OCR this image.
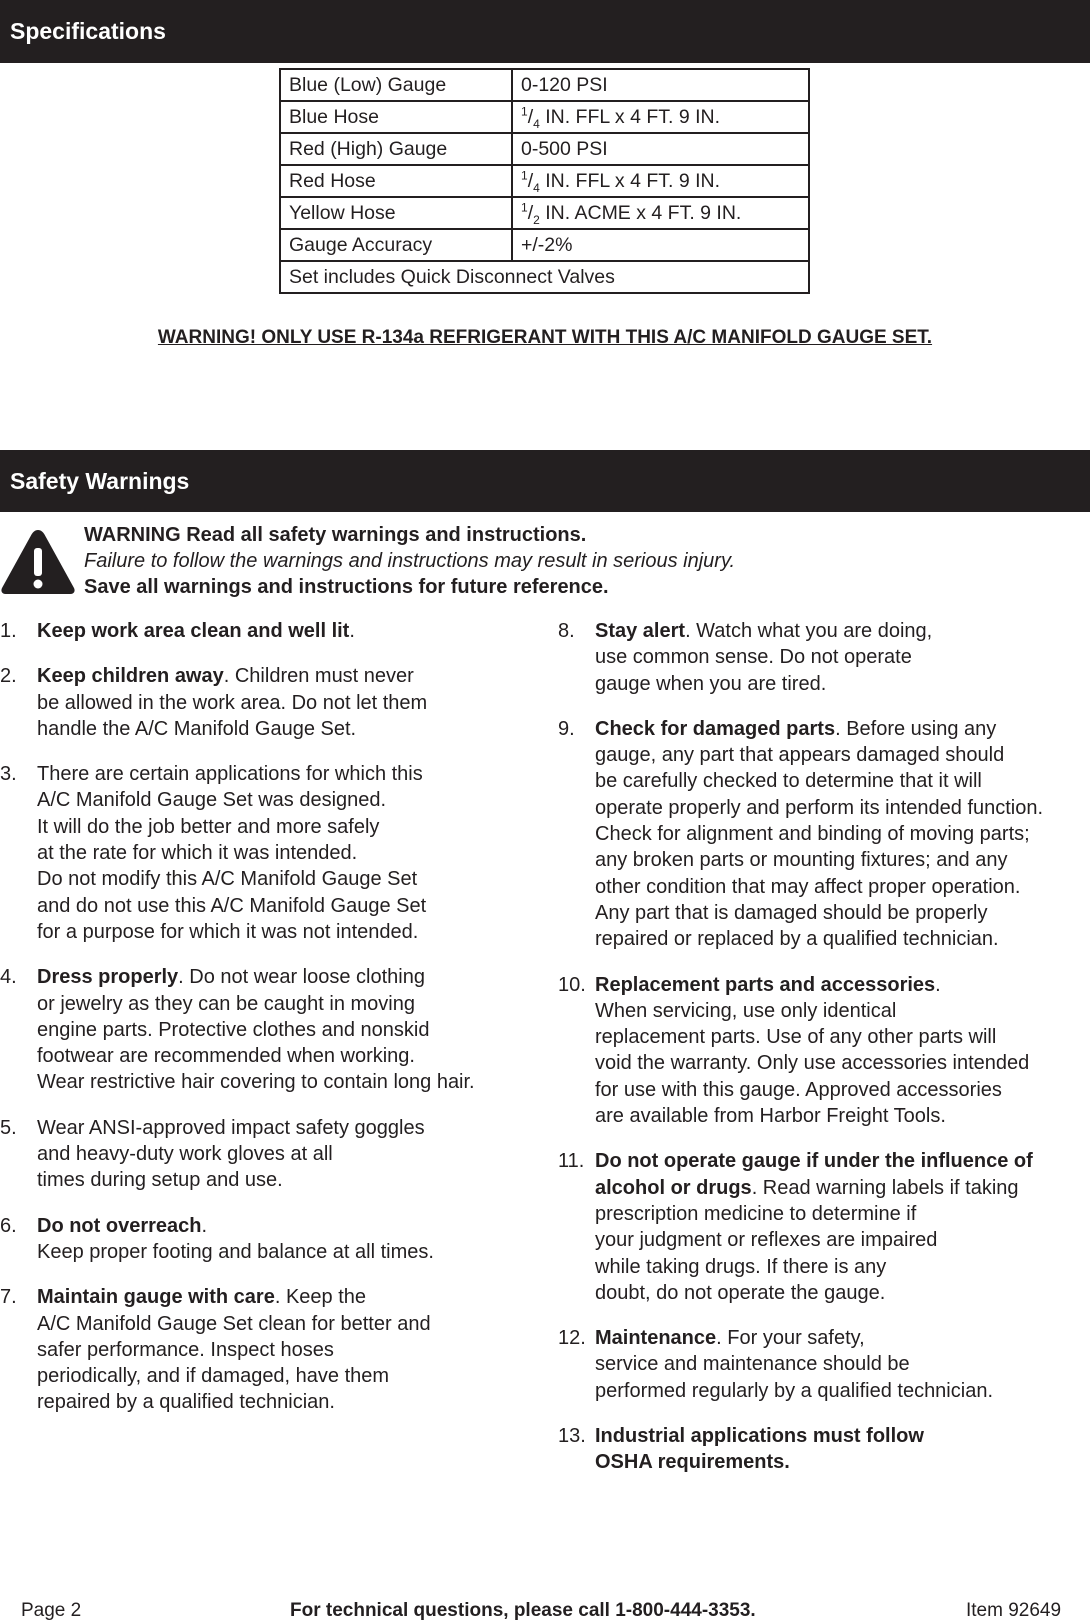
Specifications
Blue (Low) Gauge	0-120 PSI
Blue Hose	$^1/_4$ IN. FFL x 4 FT. 9 IN.
Red (High) Gauge	0-500 PSI
Red Hose	$^1/_4$ IN. FFL x 4 FT. 9 IN.
Yellow Hose	$^1/_2$ IN. ACME x 4 FT. 9 IN.
Gauge Accuracy	+/-2%
Set includes Quick Disconnect Valves	
WARNING! ONLY USE R-134a REFRIGERANT WITH THIS A/C MANIFOLD GAUGE SET.
Safety Warnings
WARNING Read all safety warnings and instructions.
Failure to follow the warnings and instructions may result in serious injury.
Save all warnings and instructions for future reference.
1. Keep work area clean and well lit.
2. Keep children away. Children must never
be allowed in the work area. Do not let them
handle the A/C Manifold Gauge Set.
3. There are certain applications for which this
A/C Manifold Gauge Set was designed.
It will do the job better and more safely
at the rate for which it was intended.
Do not modify this A/C Manifold Gauge Set
and do not use this A/C Manifold Gauge Set
for a purpose for which it was not intended.
4. Dress properly. Do not wear loose clothing
or jewelry as they can be caught in moving
engine parts. Protective clothes and nonskid
footwear are recommended when working.
Wear restrictive hair covering to contain long hair.
5. Wear ANSI-approved impact safety goggles
and heavy-duty work gloves at all
times during setup and use.
6. Do not overreach.
Keep proper footing and balance at all times.
7. Maintain gauge with care. Keep the
A/C Manifold Gauge Set clean for better and
safer performance. Inspect hoses
periodically, and if damaged, have them
repaired by a qualified technician.
8. Stay alert. Watch what you are doing,
use common sense. Do not operate
gauge when you are tired.
9. Check for damaged parts. Before using any
gauge, any part that appears damaged should
be carefully checked to determine that it will
operate properly and perform its intended function.
Check for alignment and binding of moving parts;
any broken parts or mounting fixtures; and any
other condition that may affect proper operation.
Any part that is damaged should be properly
repaired or replaced by a qualified technician.
10. Replacement parts and accessories.
When servicing, use only identical
replacement parts. Use of any other parts will
void the warranty. Only use accessories intended
for use with this gauge. Approved accessories
are available from Harbor Freight Tools.
11. Do not operate gauge if under the influence of
alcohol or drugs. Read warning labels if taking
prescription medicine to determine if
your judgment or reflexes are impaired
while taking drugs. If there is any
doubt, do not operate the gauge.
12. Maintenance. For your safety,
service and maintenance should be
performed regularly by a qualified technician.
13. Industrial applications must follow
OSHA requirements.
Page 2	For technical questions, please call 1-800-444-3353.	Item 92649
